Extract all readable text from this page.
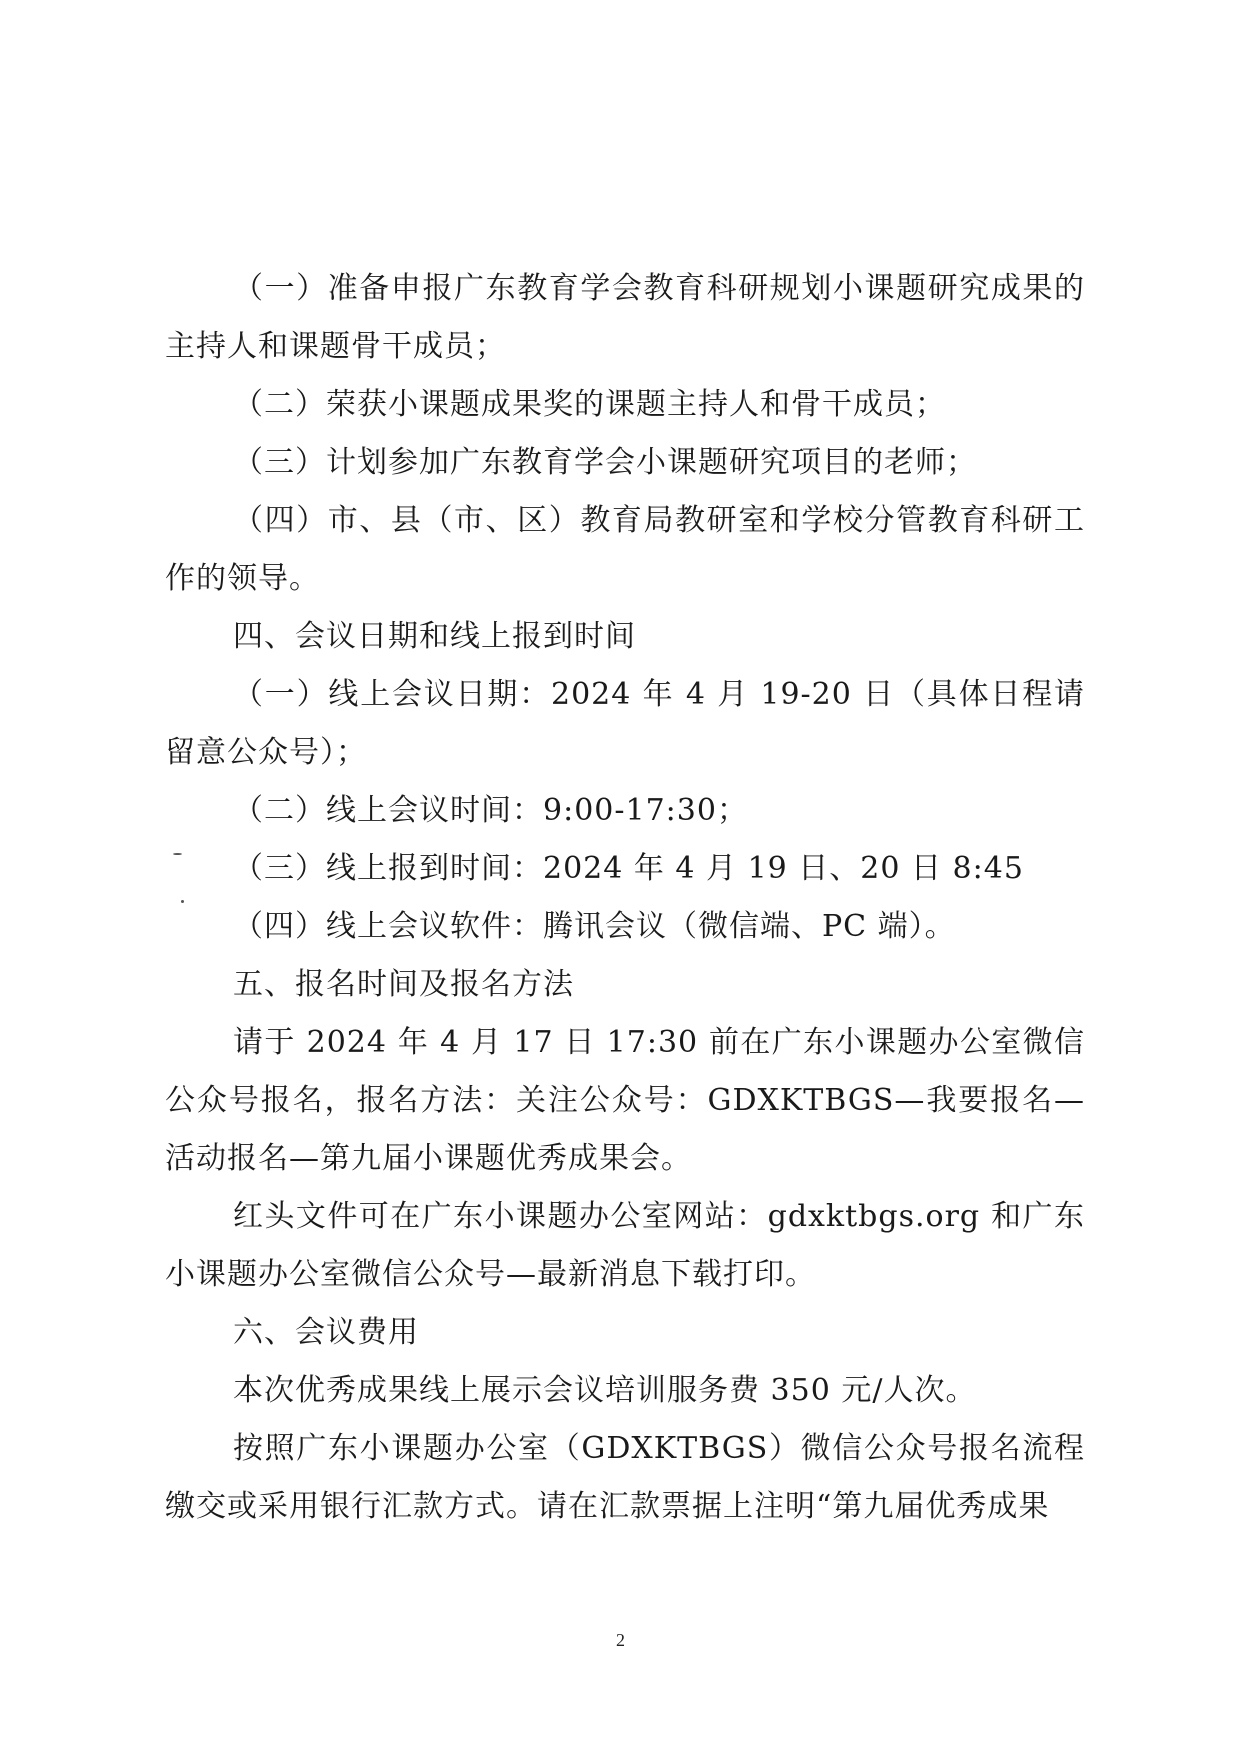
（一）准备申报广东教育学会教育科研规划小课题研究成果的主持人和课题骨干成员；

（二）荣获小课题成果奖的课题主持人和骨干成员；

（三）计划参加广东教育学会小课题研究项目的老师；

（四）市、县（市、区）教育局教研室和学校分管教育科研工作的领导。

四、会议日期和线上报到时间

（一）线上会议日期：2024 年 4 月 19-20 日（具体日程请留意公众号）；

（二）线上会议时间：9:00-17:30；

（三）线上报到时间：2024 年 4 月 19 日、20 日 8:45

（四）线上会议软件：腾讯会议（微信端、PC 端）。

五、报名时间及报名方法

请于 2024 年 4 月 17 日 17:30 前在广东小课题办公室微信公众号报名，报名方法：关注公众号：GDXKTBGS—我要报名—活动报名—第九届小课题优秀成果会。

红头文件可在广东小课题办公室网站：gdxktbgs.org 和广东小课题办公室微信公众号—最新消息下载打印。

六、会议费用

本次优秀成果线上展示会议培训服务费 350 元/人次。

按照广东小课题办公室（GDXKTBGS）微信公众号报名流程缴交或采用银行汇款方式。请在汇款票据上注明“第九届优秀成果

2
